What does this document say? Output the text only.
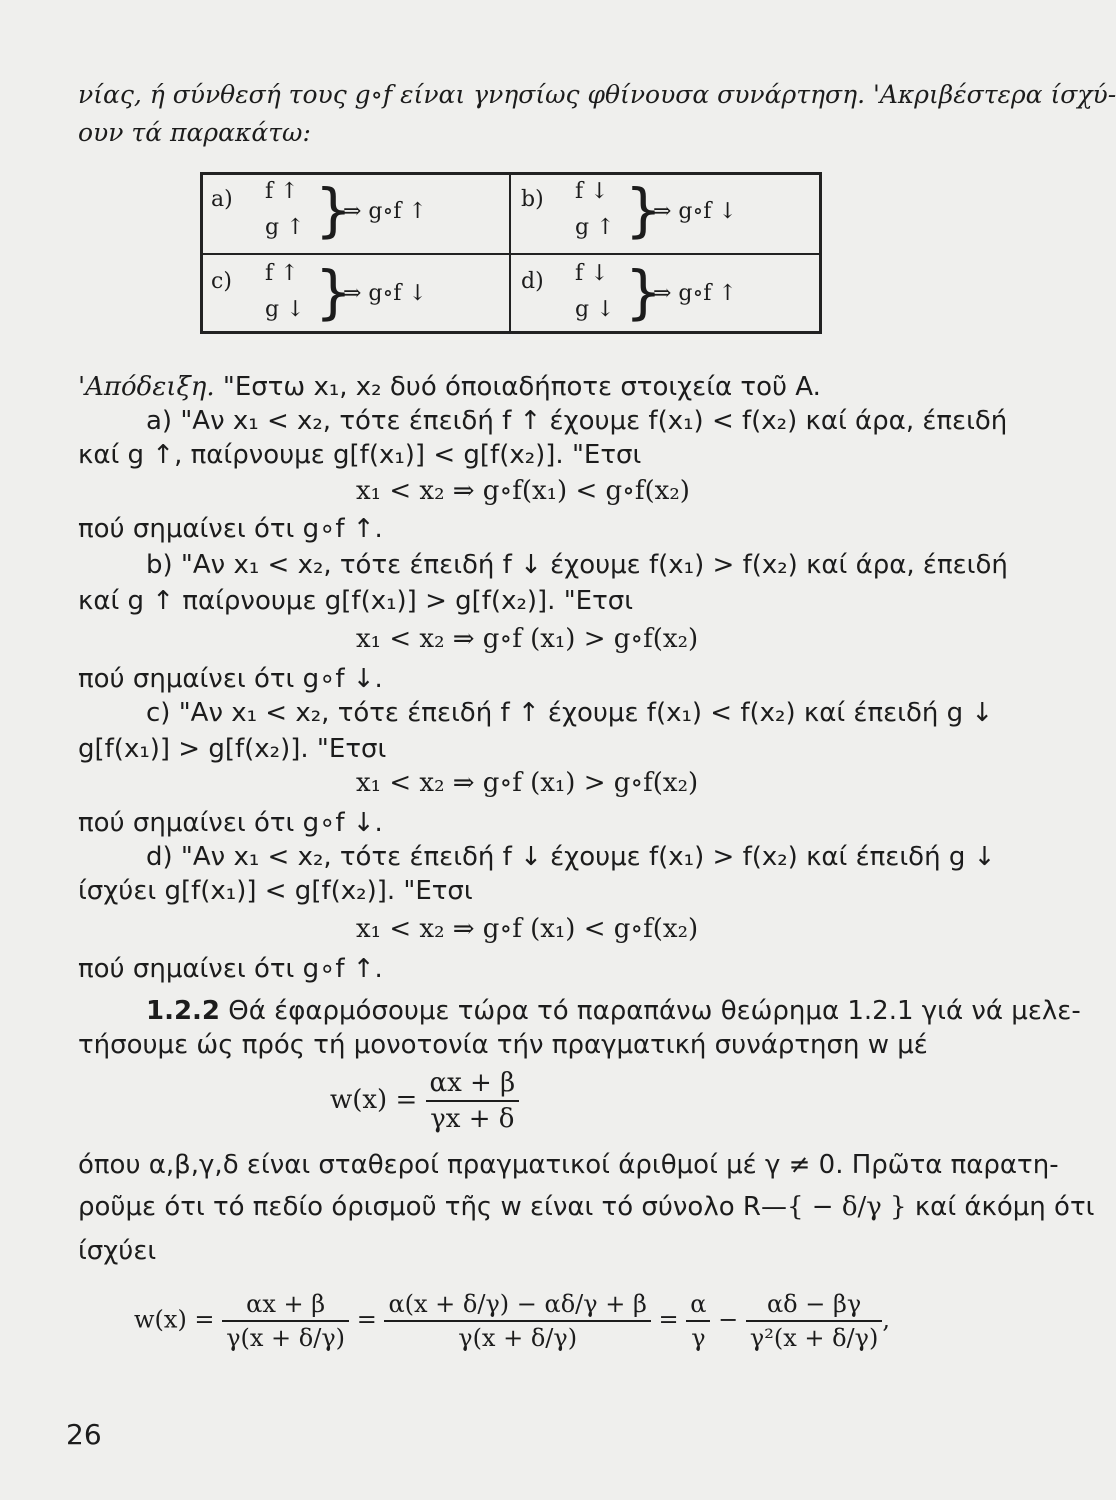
νίας, ή σύνθεσή τους g∘f είναι γνησίως φθίνουσα συνάρτηση. 'Ακριβέστερα ίσχύ-
ουν τά παρακάτω:
a) f ↑
g ↑ }
⇒ g∘f ↑	b) f ↓
g ↑ }
⇒ g∘f ↓
c) f ↑
g ↓ }
⇒ g∘f ↓	d) f ↓
g ↓ }
⇒ g∘f ↑
'Απόδειξη. "Εστω x₁, x₂ δυό όποιαδήποτε στοιχεία τοῦ A.
a) "Αν x₁ < x₂, τότε έπειδή f ↑ έχουμε f(x₁) < f(x₂) καί άρα, έπειδή
καί g ↑, παίρνουμε g[f(x₁)] < g[f(x₂)]. "Ετσι
x₁ < x₂ ⇒ g∘f(x₁) < g∘f(x₂)
πού σημαίνει ότι g∘f ↑.
b) "Αν x₁ < x₂, τότε έπειδή f ↓ έχουμε f(x₁) > f(x₂) καί άρα, έπειδή
καί g ↑ παίρνουμε g[f(x₁)] > g[f(x₂)]. "Ετσι
x₁ < x₂ ⇒ g∘f (x₁) > g∘f(x₂)
πού σημαίνει ότι g∘f ↓.
c) "Αν x₁ < x₂, τότε έπειδή f ↑ έχουμε f(x₁) < f(x₂) καί έπειδή g ↓
g[f(x₁)] > g[f(x₂)]. "Ετσι
x₁ < x₂ ⇒ g∘f (x₁) > g∘f(x₂)
πού σημαίνει ότι g∘f ↓.
d) "Αν x₁ < x₂, τότε έπειδή f ↓ έχουμε f(x₁) > f(x₂) καί έπειδή g ↓
ίσχύει g[f(x₁)] < g[f(x₂)]. "Ετσι
x₁ < x₂ ⇒ g∘f (x₁) < g∘f(x₂)
πού σημαίνει ότι g∘f ↑.
1.2.2 Θά έφαρμόσουμε τώρα τό παραπάνω θεώρημα 1.2.1 γιά νά μελε-
τήσουμε ώς πρός τή μονοτονία τήν πραγματική συνάρτηση w μέ
$w(x) = \frac{\alpha x + \beta}{\gamma x + \delta}$
όπου α,β,γ,δ είναι σταθεροί πραγματικοί άριθμοί μέ γ ≠ 0. Πρῶτα παρατη-
ροῦμε ότι τό πεδίο όρισμοῦ τῆς w είναι τό σύνολο R—{ − δ/γ } καί άκόμη ότι
ίσχύει
$w(x) = \frac{\alpha x + \beta}{\gamma(x + \delta/\gamma)} = \frac{\alpha(x + \delta/\gamma) - \alpha\delta/\gamma + \beta}{\gamma(x + \delta/\gamma)} = \frac{\alpha}{\gamma} - \frac{\alpha\delta - \beta\gamma}{\text{γ²(x + δ/γ)}}$ ,
26
